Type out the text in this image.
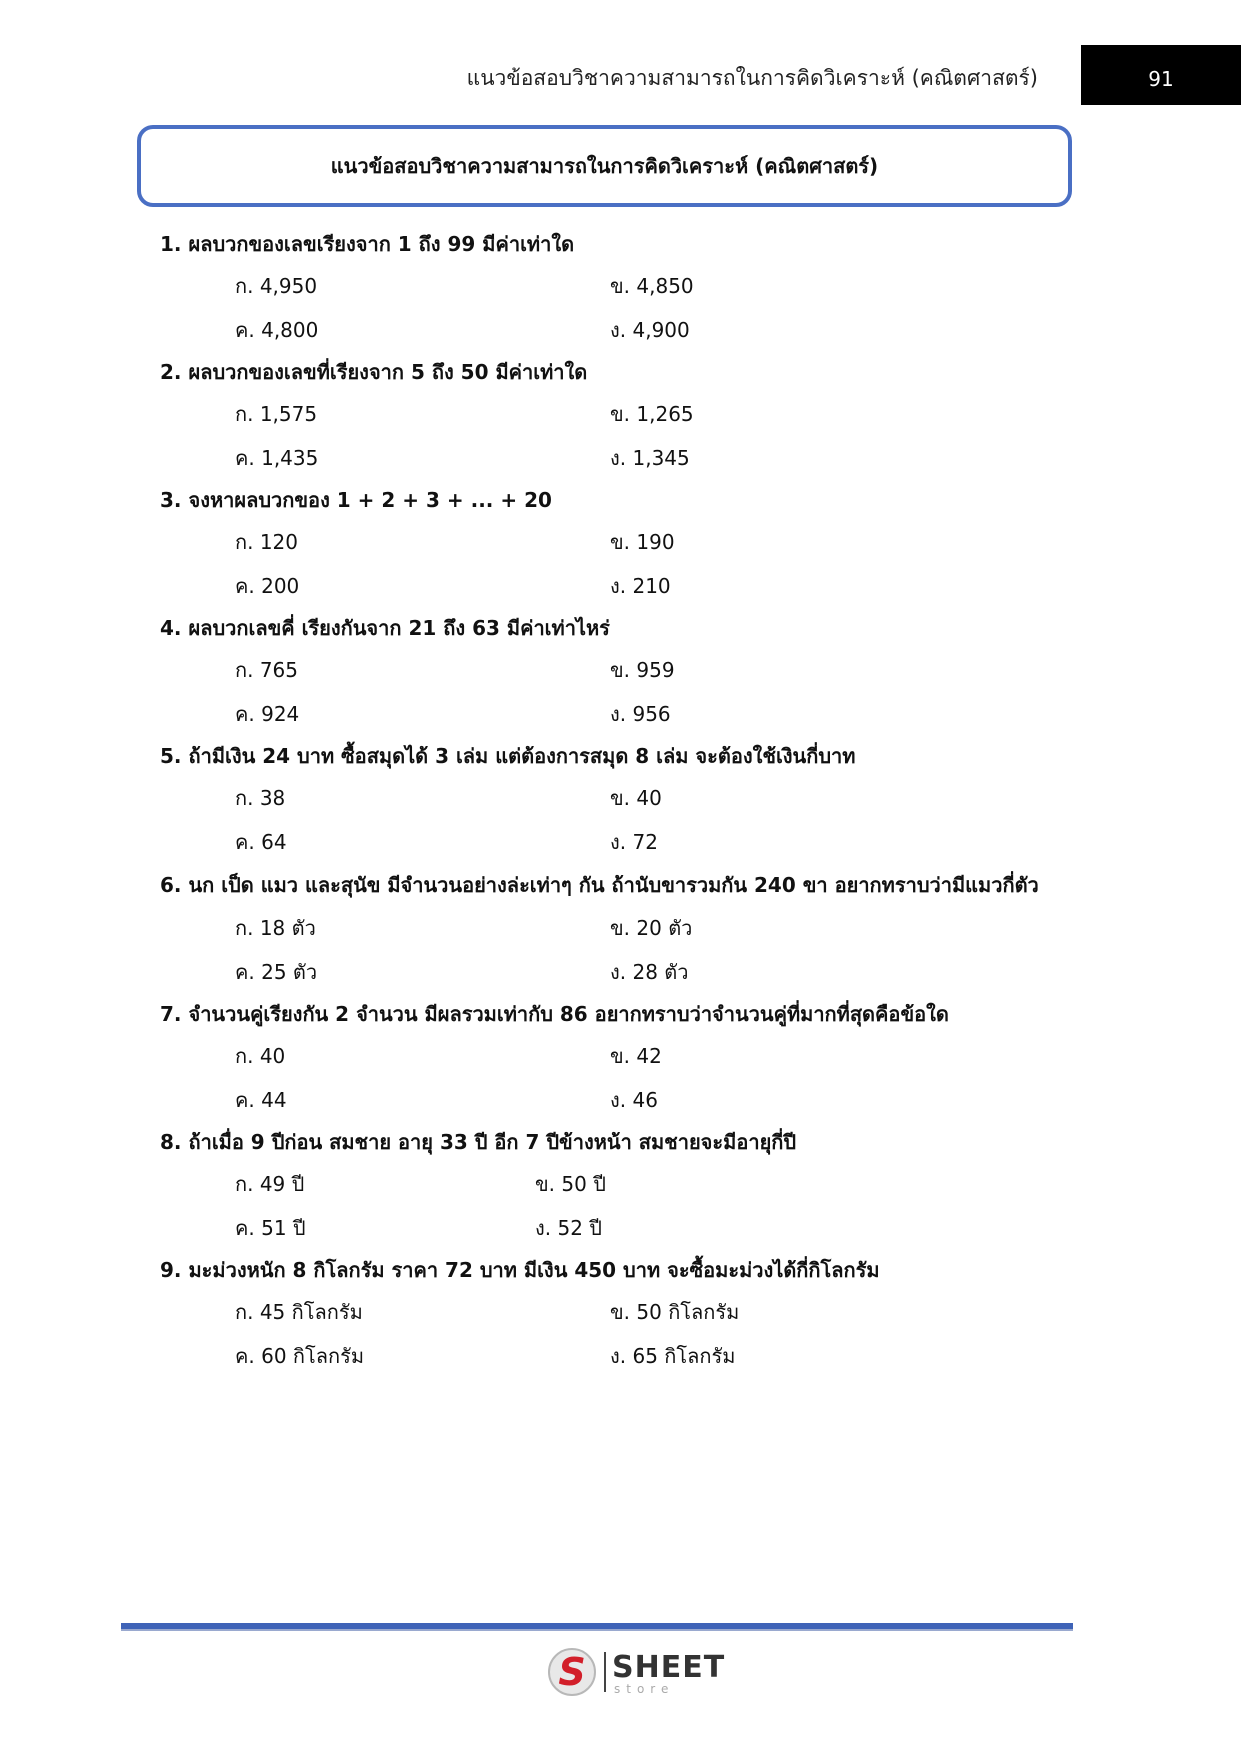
แนวข้อสอบวิชาความสามารถในการคิดวิเคราะห์ (คณิตศาสตร์)	91
แนวข้อสอบวิชาความสามารถในการคิดวิเคราะห์ (คณิตศาสตร์)
1. ผลบวกของเลขเรียงจาก 1 ถึง 99 มีค่าเท่าใด
ก. 4,950	ข. 4,850
ค. 4,800	ง. 4,900
2. ผลบวกของเลขที่เรียงจาก 5 ถึง 50 มีค่าเท่าใด
ก. 1,575	ข. 1,265
ค. 1,435	ง. 1,345
3. จงหาผลบวกของ 1 + 2 + 3 + ... + 20
ก. 120	ข. 190
ค. 200	ง. 210
4. ผลบวกเลขคี่ เรียงกันจาก 21 ถึง 63 มีค่าเท่าไหร่
ก. 765	ข. 959
ค. 924	ง. 956
5. ถ้ามีเงิน 24 บาท ซื้อสมุดได้ 3 เล่ม แต่ต้องการสมุด 8 เล่ม จะต้องใช้เงินกี่บาท
ก. 38	ข. 40
ค. 64	ง. 72
6. นก เป็ด แมว และสุนัข มีจำนวนอย่างล่ะเท่าๆ กัน ถ้านับขารวมกัน 240 ขา อยากทราบว่ามีแมวกี่ตัว
ก. 18 ตัว	ข. 20 ตัว
ค. 25 ตัว	ง. 28 ตัว
7. จำนวนคู่เรียงกัน 2 จำนวน มีผลรวมเท่ากับ 86 อยากทราบว่าจำนวนคู่ที่มากที่สุดคือข้อใด
ก. 40	ข. 42
ค. 44	ง. 46
8. ถ้าเมื่อ 9 ปีก่อน สมชาย อายุ 33 ปี อีก 7 ปีข้างหน้า สมชายจะมีอายุกี่ปี
ก. 49 ปี	ข. 50 ปี
ค. 51 ปี	ง. 52 ปี
9. มะม่วงหนัก 8 กิโลกรัม ราคา 72 บาท มีเงิน 450 บาท จะซื้อมะม่วงได้กี่กิโลกรัม
ก. 45 กิโลกรัม	ข. 50 กิโลกรัม
ค. 60 กิโลกรัม	ง. 65 กิโลกรัม
S SHEET
store
